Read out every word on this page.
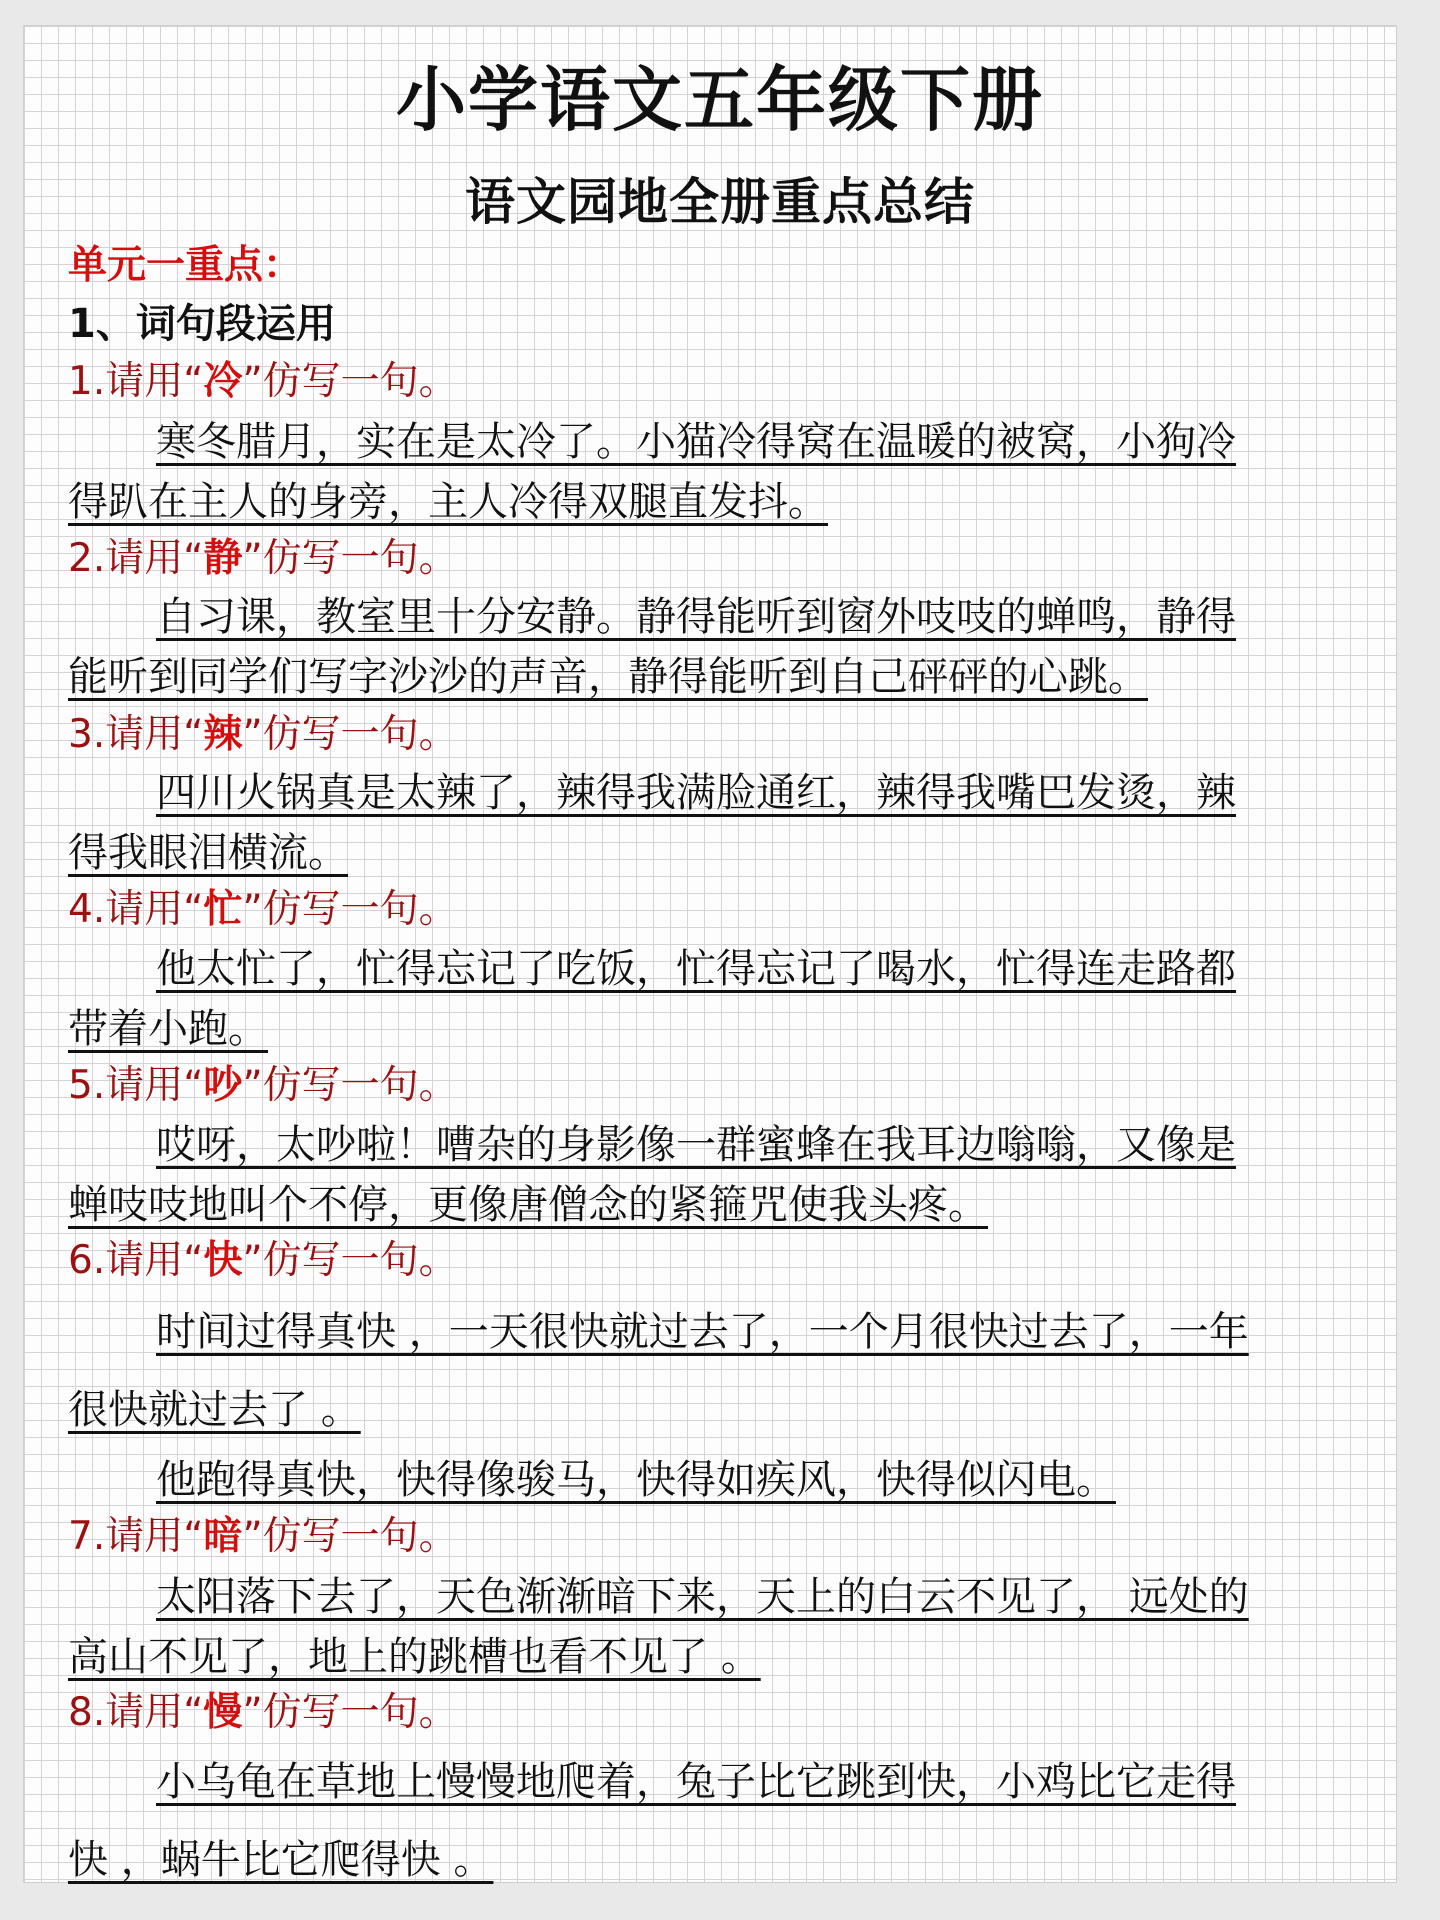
小学语文五年级下册
语文园地全册重点总结
单元一重点：
1、词句段运用
1.请用“冷”仿写一句。
寒冬腊月，实在是太冷了。小猫冷得窝在温暖的被窝，小狗冷
得趴在主人的身旁，主人冷得双腿直发抖。
2.请用“静”仿写一句。
自习课，教室里十分安静。静得能听到窗外吱吱的蝉鸣，静得
能听到同学们写字沙沙的声音，静得能听到自己砰砰的心跳。
3.请用“辣”仿写一句。
四川火锅真是太辣了，辣得我满脸通红，辣得我嘴巴发烫，辣
得我眼泪横流。
4.请用“忙”仿写一句。
他太忙了，忙得忘记了吃饭，忙得忘记了喝水，忙得连走路都
带着小跑。
5.请用“吵”仿写一句。
哎呀，太吵啦！嘈杂的身影像一群蜜蜂在我耳边嗡嗡，又像是
蝉吱吱地叫个不停，更像唐僧念的紧箍咒使我头疼。
6.请用“快”仿写一句。
时间过得真快 ，一天很快就过去了，一个月很快过去了，一年
很快就过去了 。
他跑得真快，快得像骏马，快得如疾风，快得似闪电。
7.请用“暗”仿写一句。
太阳落下去了，天色渐渐暗下来，天上的白云不见了， 远处的
高山不见了，地上的跳槽也看不见了 。
8.请用“慢”仿写一句。
小乌龟在草地上慢慢地爬着，兔子比它跳到快，小鸡比它走得
快 ，蜗牛比它爬得快 。
